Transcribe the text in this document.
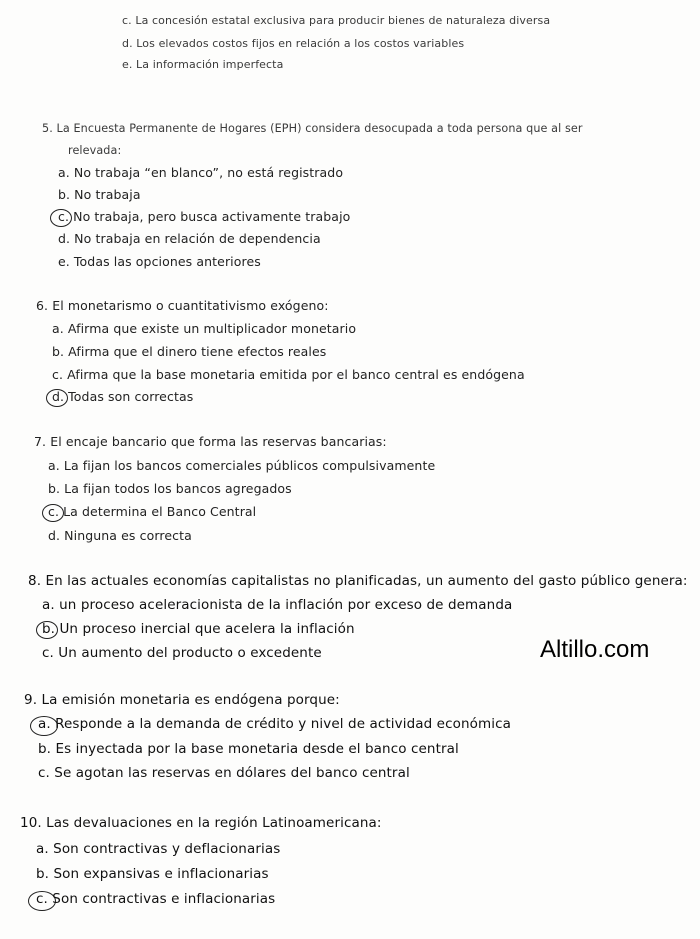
c. La concesión estatal exclusiva para producir bienes de naturaleza diversa
d. Los elevados costos fijos en relación a los costos variables
e. La información imperfecta
5. La Encuesta Permanente de Hogares (EPH) considera desocupada a toda persona que al ser
relevada:
a. No trabaja “en blanco”, no está registrado
b. No trabaja
c. No trabaja, pero busca activamente trabajo
d. No trabaja en relación de dependencia
e. Todas las opciones anteriores
6. El monetarismo o cuantitativismo exógeno:
a. Afirma que existe un multiplicador monetario
b. Afirma que el dinero tiene efectos reales
c. Afirma que la base monetaria emitida por el banco central es endógena
d. Todas son correctas
7. El encaje bancario que forma las reservas bancarias:
a. La fijan los bancos comerciales públicos compulsivamente
b. La fijan todos los bancos agregados
c. La determina el Banco Central
d. Ninguna es correcta
8. En las actuales economías capitalistas no planificadas, un aumento del gasto público genera:
a. un proceso aceleracionista de la inflación por exceso de demanda
b. Un proceso inercial que acelera la inflación
c. Un aumento del producto o excedente	Altillo.com
9. La emisión monetaria es endógena porque:
a. Responde a la demanda de crédito y nivel de actividad económica
b. Es inyectada por la base monetaria desde el banco central
c. Se agotan las reservas en dólares del banco central
10. Las devaluaciones en la región Latinoamericana:
a. Son contractivas y deflacionarias
b. Son expansivas e inflacionarias
c. Son contractivas e inflacionarias
